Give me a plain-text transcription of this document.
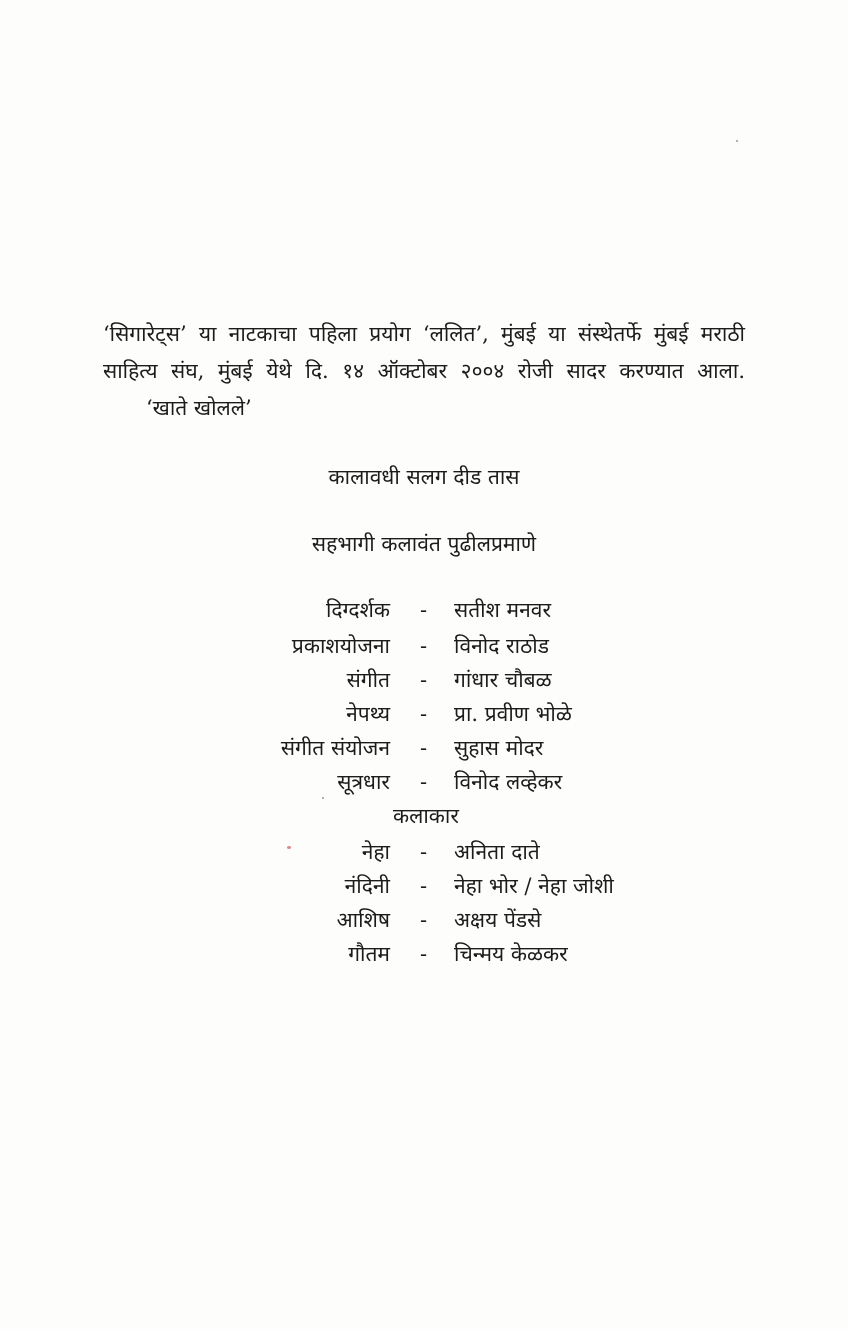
‘सिगारेट्स’ या नाटकाचा पहिला प्रयोग ‘ललित’, मुंबई या संस्थेतर्फे मुंबई मराठी
साहित्य संघ, मुंबई येथे दि. १४ ऑक्टोबर २००४ रोजी सादर करण्यात आला.
‘खाते खोलले’
कालावधी सलग दीड तास
सहभागी कलावंत पुढीलप्रमाणे
दिग्दर्शक - सतीश मनवर
प्रकाशयोजना - विनोद राठोड
संगीत - गांधार चौबळ
नेपथ्य - प्रा. प्रवीण भोळे
संगीत संयोजन - सुहास मोदर
सूत्रधार - विनोद लव्हेकर
कलाकार
नेहा - अनिता दाते
नंदिनी - नेहा भोर / नेहा जोशी
आशिष - अक्षय पेंडसे
गौतम - चिन्मय केळकर
